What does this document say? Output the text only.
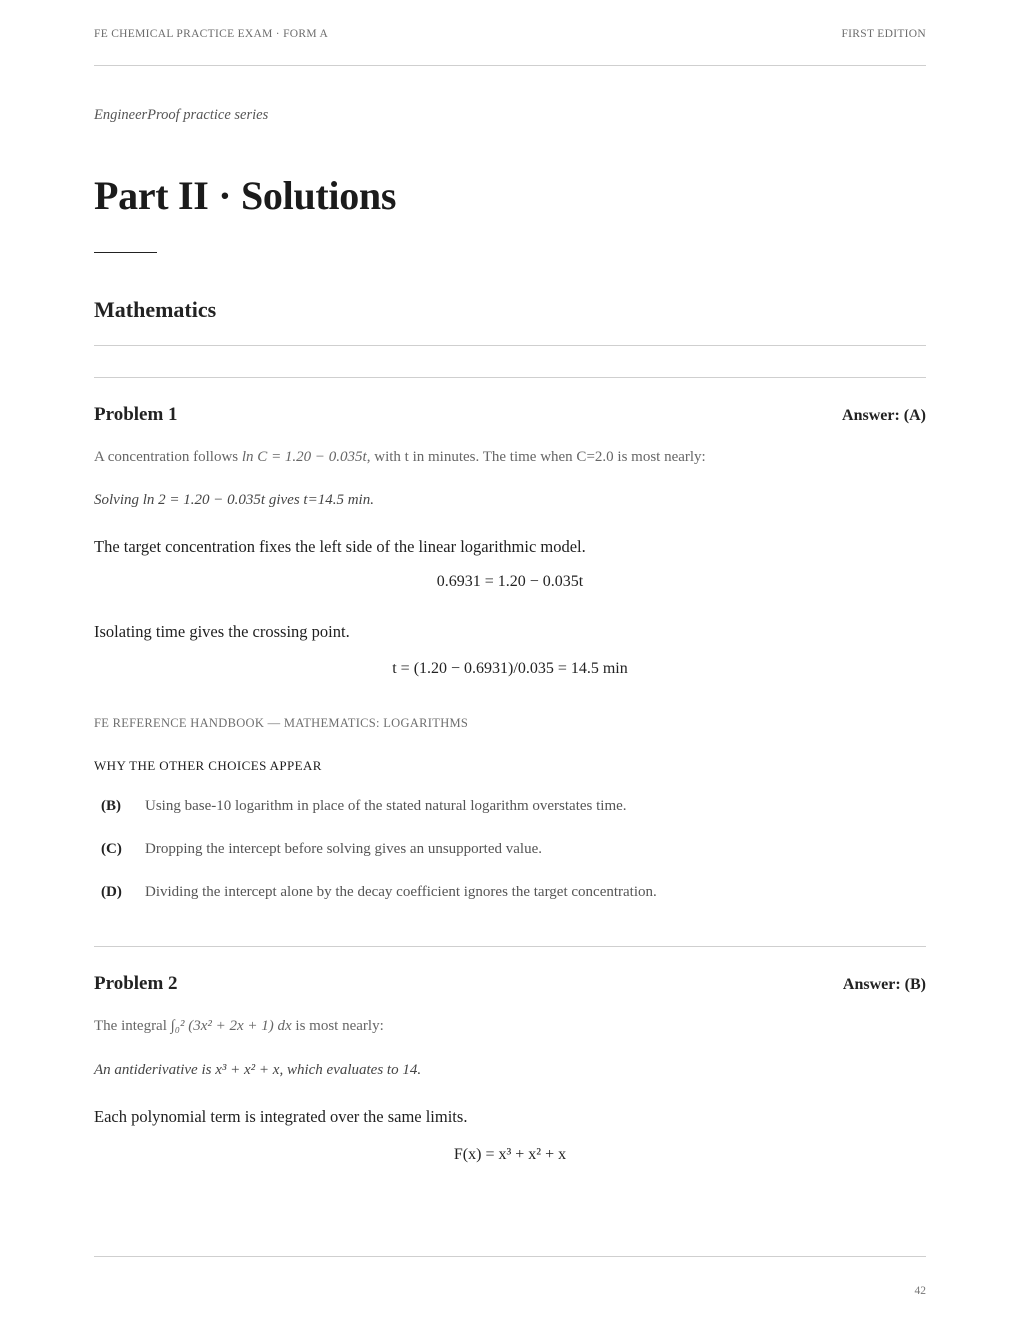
FE CHEMICAL PRACTICE EXAM · FORM A	FIRST EDITION
EngineerProof practice series
Part II · Solutions
Mathematics
Problem 1	Answer: (A)
A concentration follows ln C = 1.20 − 0.035t, with t in minutes. The time when C=2.0 is most nearly:
Solving ln 2 = 1.20 − 0.035t gives t=14.5 min.
The target concentration fixes the left side of the linear logarithmic model.
0.6931 = 1.20 − 0.035t
Isolating time gives the crossing point.
t = (1.20 − 0.6931)/0.035 = 14.5 min
FE REFERENCE HANDBOOK — MATHEMATICS: LOGARITHMS
WHY THE OTHER CHOICES APPEAR
(B)	Using base-10 logarithm in place of the stated natural logarithm overstates time.
(C)	Dropping the intercept before solving gives an unsupported value.
(D)	Dividing the intercept alone by the decay coefficient ignores the target concentration.
Problem 2	Answer: (B)
The integral ∫₀² (3x² + 2x + 1) dx is most nearly:
An antiderivative is x³ + x² + x, which evaluates to 14.
Each polynomial term is integrated over the same limits.
F(x) = x³ + x² + x
42
